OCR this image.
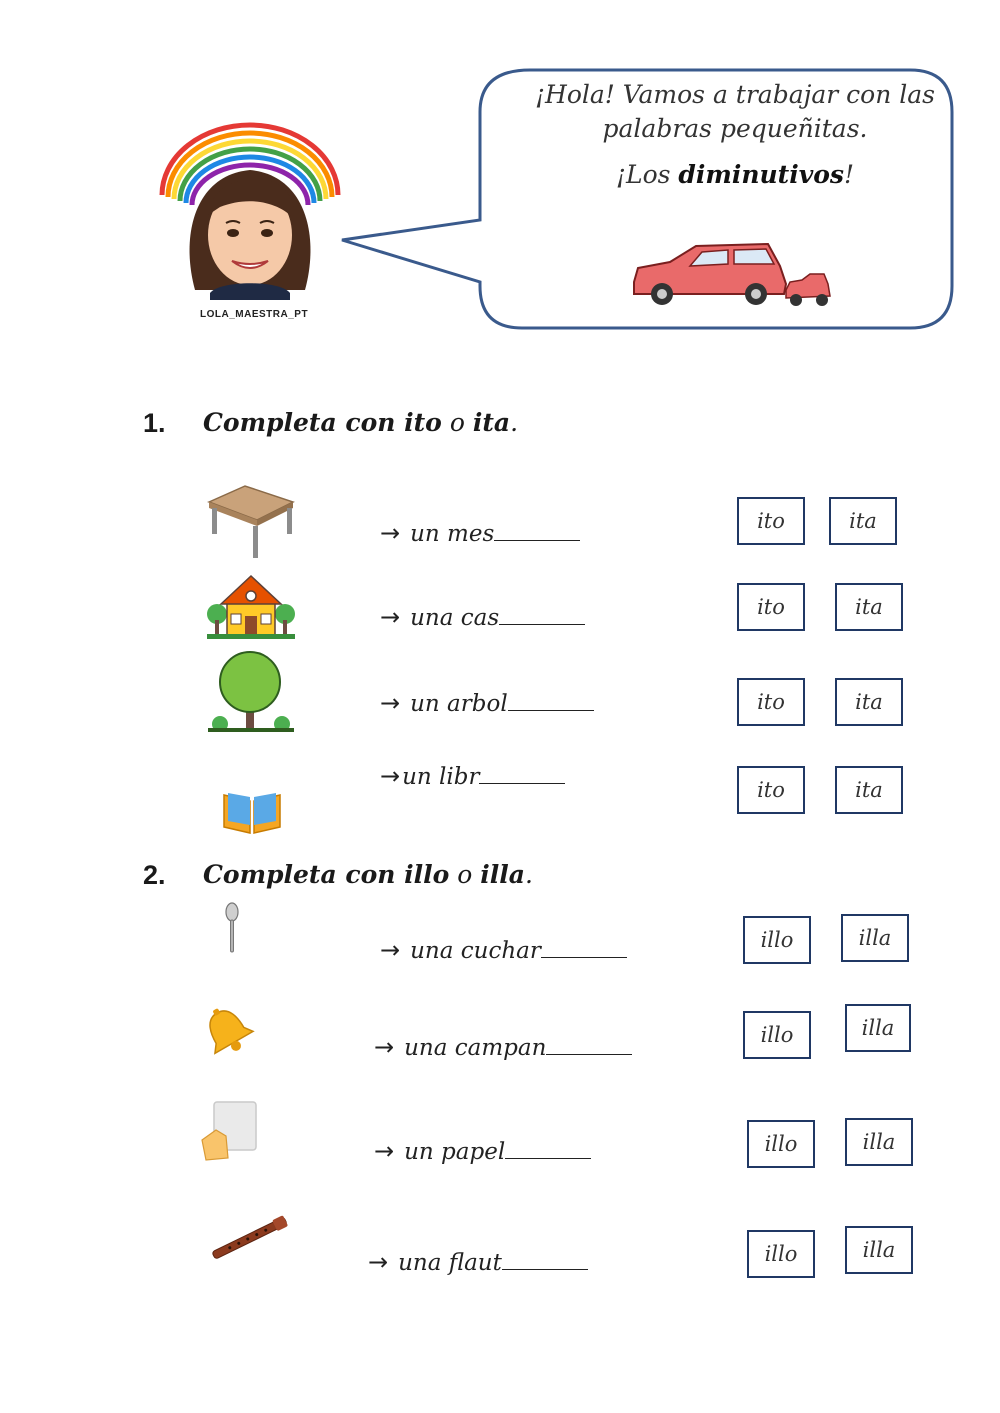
LOLA_MAESTRA_PT
¡Hola! Vamos a trabajar con las
palabras pequeñitas.
¡Los diminutivos!
1. Completa con ito o ita.
→ un mes	ito	ita
→ una cas	ito	ita
→ un arbol	ito	ita
→un libr	ito	ita
2. Completa con illo o illa.
→ una cuchar	illo	illa
→ una campan	illo	illa
→ un papel	illo	illa
→ una flaut	illo	illa
